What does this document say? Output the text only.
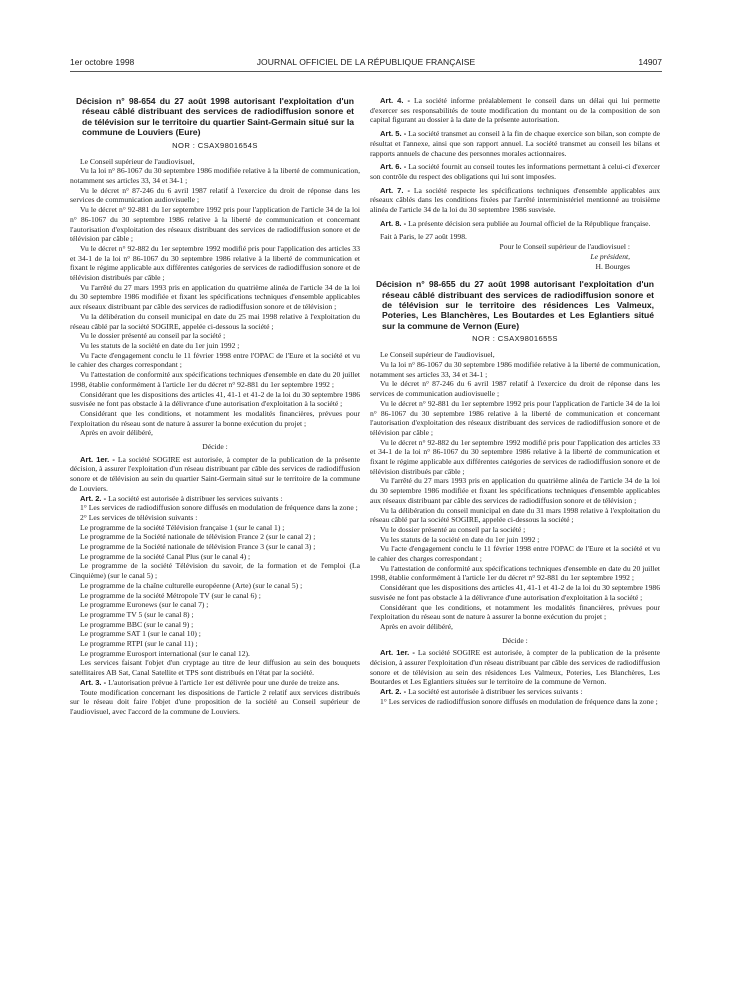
1er octobre 1998	JOURNAL OFFICIEL DE LA RÉPUBLIQUE FRANÇAISE	14907
Décision n° 98-654 du 27 août 1998 autorisant l'exploitation d'un réseau câblé distribuant des services de radiodiffusion sonore et de télévision sur le territoire du quartier Saint-Germain situé sur la commune de Louviers (Eure)
NOR : CSAX9801654S

Le Conseil supérieur de l'audiovisuel,

Vu la loi n° 86-1067 du 30 septembre 1986 modifiée relative à la liberté de communication, notamment ses articles 33, 34 et 34-1 ;

Vu le décret n° 87-246 du 6 avril 1987 relatif à l'exercice du droit de réponse dans les services de communication audiovisuelle ;

Vu le décret n° 92-881 du 1er septembre 1992 pris pour l'application de l'article 34 de la loi n° 86-1067 du 30 septembre 1986 relative à la liberté de communication et concernant l'autorisation d'exploitation des réseaux distribuant des services de radiodiffusion sonore et de télévision par câble ;

Vu le décret n° 92-882 du 1er septembre 1992 modifié pris pour l'application des articles 33 et 34-1 de la loi n° 86-1067 du 30 septembre 1986 relative à la liberté de communication et fixant le régime applicable aux différentes catégories de services de radiodiffusion sonore et de télévision distribués par câble ;

Vu l'arrêté du 27 mars 1993 pris en application du quatrième alinéa de l'article 34 de la loi du 30 septembre 1986 modifiée et fixant les spécifications techniques d'ensemble applicables aux réseaux distribuant par câble des services de radiodiffusion sonore et de télévision ;

Vu la délibération du conseil municipal en date du 25 mai 1998 relative à l'exploitation du réseau câblé par la société SOGIRE, appelée ci-dessous la société ;

Vu le dossier présenté au conseil par la société ;

Vu les statuts de la société en date du 1er juin 1992 ;

Vu l'acte d'engagement conclu le 11 février 1998 entre l'OPAC de l'Eure et la société et vu le cahier des charges correspondant ;

Vu l'attestation de conformité aux spécifications techniques d'ensemble en date du 20 juillet 1998, établie conformément à l'article 1er du décret n° 92-881 du 1er septembre 1992 ;

Considérant que les dispositions des articles 41, 41-1 et 41-2 de la loi du 30 septembre 1986 susvisée ne font pas obstacle à la délivrance d'une autorisation d'exploitation à la société ;

Considérant que les conditions, et notamment les modalités financières, prévues pour l'exploitation du réseau sont de nature à assurer la bonne exécution du projet ;

Après en avoir délibéré,

Décide :

Art. 1er. - La société SOGIRE est autorisée, à compter de la publication de la présente décision, à assurer l'exploitation d'un réseau distribuant par câble des services de radiodiffusion sonore et de télévision au sein du quartier Saint-Germain situé sur le territoire de la commune de Louviers.

Art. 2. - La société est autorisée à distribuer les services suivants :

1° Les services de radiodiffusion sonore diffusés en modulation de fréquence dans la zone ;

2° Les services de télévision suivants :

Le programme de la société Télévision française 1 (sur le canal 1) ;

Le programme de la Société nationale de télévision France 2 (sur le canal 2) ;

Le programme de la Société nationale de télévision France 3 (sur le canal 3) ;

Le programme de la société Canal Plus (sur le canal 4) ;

Le programme de la société Télévision du savoir, de la formation et de l'emploi (La Cinquième) (sur le canal 5) ;

Le programme de la chaîne culturelle européenne (Arte) (sur le canal 5) ;

Le programme de la société Métropole TV (sur le canal 6) ;

Le programme Euronews (sur le canal 7) ;

Le programme TV 5 (sur le canal 8) ;

Le programme BBC (sur le canal 9) ;

Le programme SAT 1 (sur le canal 10) ;

Le programme RTPI (sur le canal 11) ;

Le programme Eurosport international (sur le canal 12).

Les services faisant l'objet d'un cryptage au titre de leur diffusion au sein des bouquets satellitaires AB Sat, Canal Satellite et TPS sont distribués en l'état par la société.

Art. 3. - L'autorisation prévue à l'article 1er est délivrée pour une durée de treize ans.

Toute modification concernant les dispositions de l'article 2 relatif aux services distribués sur le réseau doit faire l'objet d'une proposition de la société au Conseil supérieur de l'audiovisuel, avec l'accord de la commune de Louviers.

Art. 4. - La société informe préalablement le conseil dans un délai qui lui permette d'exercer ses responsabilités de toute modification du montant ou de la composition de son capital figurant au dossier à la date de la présente autorisation.

Art. 5. - La société transmet au conseil à la fin de chaque exercice son bilan, son compte de résultat et l'annexe, ainsi que son rapport annuel. La société transmet au conseil les bilans et rapports annuels de chacune des personnes morales actionnaires.

Art. 6. - La société fournit au conseil toutes les informations permettant à celui-ci d'exercer son contrôle du respect des obligations qui lui sont imposées.

Art. 7. - La société respecte les spécifications techniques d'ensemble applicables aux réseaux câblés dans les conditions fixées par l'arrêté interministériel mentionné au troisième alinéa de l'article 34 de la loi du 30 septembre 1986 susvisée.

Art. 8. - La présente décision sera publiée au Journal officiel de la République française.

Fait à Paris, le 27 août 1998.

Pour le Conseil supérieur de l'audiovisuel :

Le président,

H. Bourges

Décision n° 98-655 du 27 août 1998 autorisant l'exploitation d'un réseau câblé distribuant des services de radiodiffusion sonore et de télévision sur le territoire des résidences Les Valmeux, Poteries, Les Blanchères, Les Boutardes et Les Eglantiers situé sur la commune de Vernon (Eure)
NOR : CSAX9801655S

Le Conseil supérieur de l'audiovisuel,

Vu la loi n° 86-1067 du 30 septembre 1986 modifiée relative à la liberté de communication, notamment ses articles 33, 34 et 34-1 ;

Vu le décret n° 87-246 du 6 avril 1987 relatif à l'exercice du droit de réponse dans les services de communication audiovisuelle ;

Vu le décret n° 92-881 du 1er septembre 1992 pris pour l'application de l'article 34 de la loi n° 86-1067 du 30 septembre 1986 relative à la liberté de communication et concernant l'autorisation d'exploitation des réseaux distribuant des services de radiodiffusion sonore et de télévision par câble ;

Vu le décret n° 92-882 du 1er septembre 1992 modifié pris pour l'application des articles 33 et 34-1 de la loi n° 86-1067 du 30 septembre 1986 relative à la liberté de communication et fixant le régime applicable aux différentes catégories de services de radiodiffusion sonore et de télévision distribués par câble ;

Vu l'arrêté du 27 mars 1993 pris en application du quatrième alinéa de l'article 34 de la loi du 30 septembre 1986 modifiée et fixant les spécifications techniques d'ensemble applicables aux réseaux distribuant par câble des services de radiodiffusion sonore et de télévision ;

Vu la délibération du conseil municipal en date du 31 mars 1998 relative à l'exploitation du réseau câblé par la société SOGIRE, appelée ci-dessous la société ;

Vu le dossier présenté au conseil par la société ;

Vu les statuts de la société en date du 1er juin 1992 ;

Vu l'acte d'engagement conclu le 11 février 1998 entre l'OPAC de l'Eure et la société et vu le cahier des charges correspondant ;

Vu l'attestation de conformité aux spécifications techniques d'ensemble en date du 20 juillet 1998, établie conformément à l'article 1er du décret n° 92-881 du 1er septembre 1992 ;

Considérant que les dispositions des articles 41, 41-1 et 41-2 de la loi du 30 septembre 1986 susvisée ne font pas obstacle à la délivrance d'une autorisation d'exploitation à la société ;

Considérant que les conditions, et notamment les modalités financières, prévues pour l'exploitation du réseau sont de nature à assurer la bonne exécution du projet ;

Après en avoir délibéré,

Décide :

Art. 1er. - La société SOGIRE est autorisée, à compter de la publication de la présente décision, à assurer l'exploitation d'un réseau distribuant par câble des services de radiodiffusion sonore et de télévision au sein des résidences Les Valmeux, Poteries, Les Blanchères, Les Boutardes et Les Eglantiers situées sur le territoire de la commune de Vernon.

Art. 2. - La société est autorisée à distribuer les services suivants :

1° Les services de radiodiffusion sonore diffusés en modulation de fréquence dans la zone ;
